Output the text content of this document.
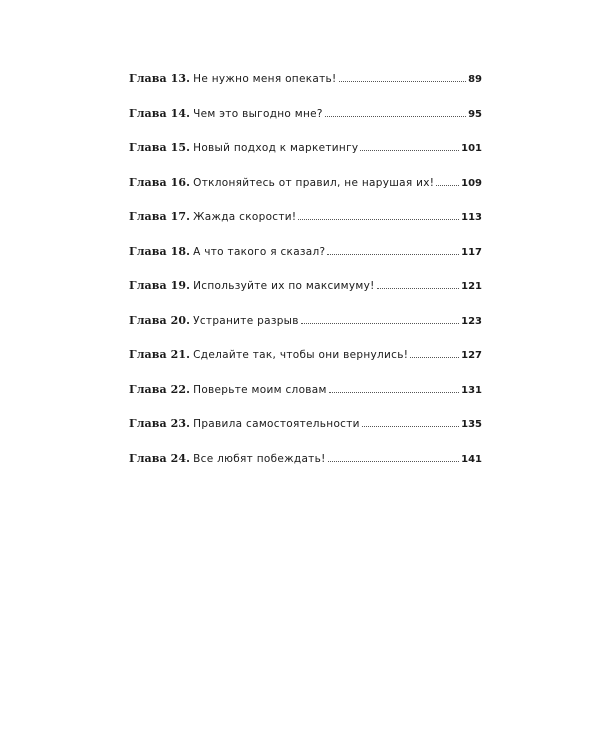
Глава 13. Не нужно меня опекать!	89
Глава 14. Чем это выгодно мне?	95
Глава 15. Новый подход к маркетингу	101
Глава 16. Отклоняйтесь от правил, не нарушая их!	109
Глава 17. Жажда скорости!	113
Глава 18. А что такого я сказал?	117
Глава 19. Используйте их по максимуму!	121
Глава 20. Устраните разрыв	123
Глава 21. Сделайте так, чтобы они вернулись!	127
Глава 22. Поверьте моим словам	131
Глава 23. Правила самостоятельности	135
Глава 24. Все любят побеждать!	141
